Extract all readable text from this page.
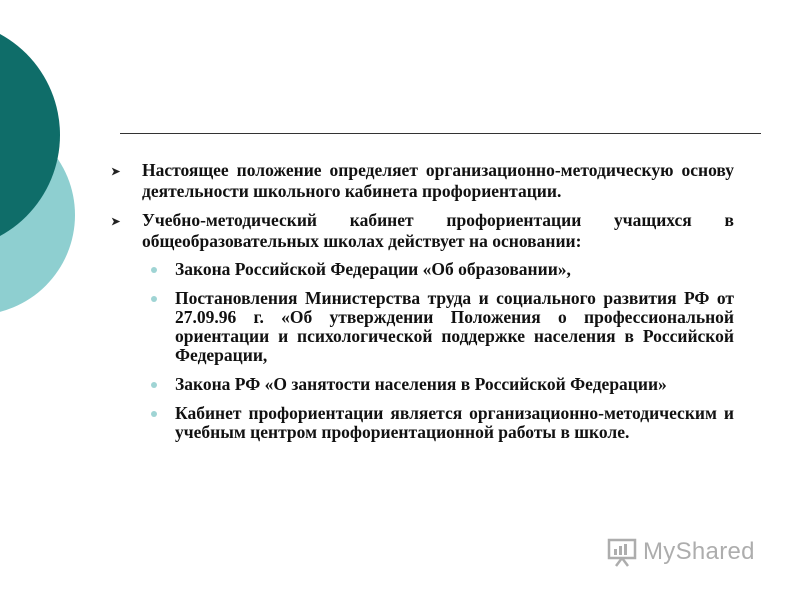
➤ Настоящее положение определяет организационно-методическую основу деятельности школьного кабинета профориентации.
➤ Учебно-методический кабинет профориентации учащихся в общеобразовательных школах действует на основании:
Закона Российской Федерации «Об образовании»,
Постановления Министерства труда и социального развития РФ от 27.09.96 г. «Об утверждении Положения о профессиональной ориентации и психологической поддержке населения в Российской Федерации,
Закона РФ «О занятости населения в Российской Федерации»
Кабинет профориентации является организационно-методическим и учебным центром профориентационной работы в школе.
MyShared
